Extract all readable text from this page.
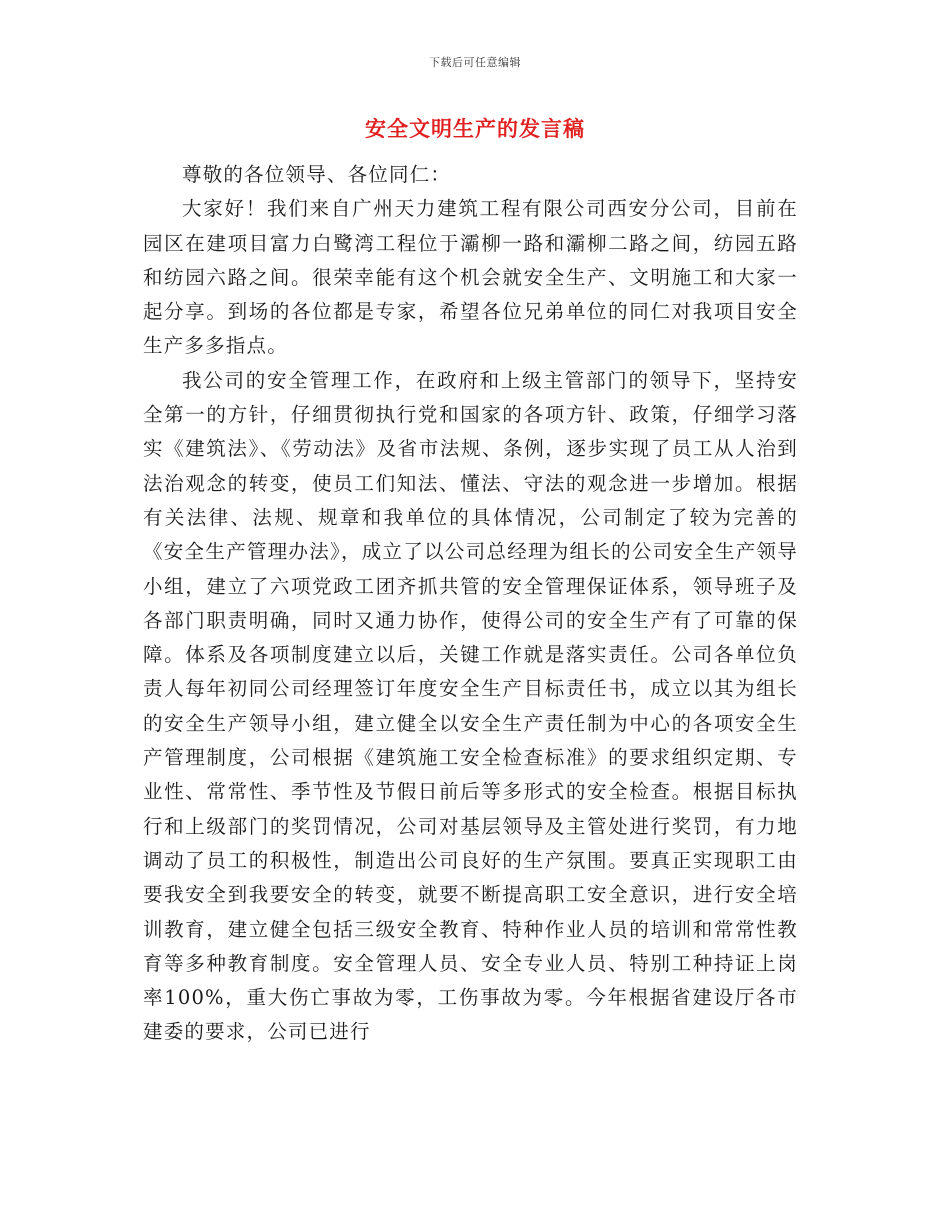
下载后可任意编辑
安全文明生产的发言稿

尊敬的各位领导、各位同仁：

大家好！我们来自广州天力建筑工程有限公司西安分公司，目前在园区在建项目富力白鹭湾工程位于灞柳一路和灞柳二路之间，纺园五路和纺园六路之间。很荣幸能有这个机会就安全生产、文明施工和大家一起分享。到场的各位都是专家，希望各位兄弟单位的同仁对我项目安全生产多多指点。

我公司的安全管理工作，在政府和上级主管部门的领导下，坚持安全第一的方针，仔细贯彻执行党和国家的各项方针、政策，仔细学习落实《建筑法》、《劳动法》及省市法规、条例，逐步实现了员工从人治到法治观念的转变，使员工们知法、懂法、守法的观念进一步增加。根据有关法律、法规、规章和我单位的具体情况，公司制定了较为完善的《安全生产管理办法》，成立了以公司总经理为组长的公司安全生产领导小组，建立了六项党政工团齐抓共管的安全管理保证体系，领导班子及各部门职责明确，同时又通力协作，使得公司的安全生产有了可靠的保障。体系及各项制度建立以后，关键工作就是落实责任。公司各单位负责人每年初同公司经理签订年度安全生产目标责任书，成立以其为组长的安全生产领导小组，建立健全以安全生产责任制为中心的各项安全生产管理制度，公司根据《建筑施工安全检查标准》的要求组织定期、专业性、常常性、季节性及节假日前后等多形式的安全检查。根据目标执行和上级部门的奖罚情况，公司对基层领导及主管处进行奖罚，有力地调动了员工的积极性，制造出公司良好的生产氛围。要真正实现职工由要我安全到我要安全的转变，就要不断提高职工安全意识，进行安全培训教育，建立健全包括三级安全教育、特种作业人员的培训和常常性教育等多种教育制度。安全管理人员、安全专业人员、特别工种持证上岗率100%，重大伤亡事故为零，工伤事故为零。今年根据省建设厅各市建委的要求，公司已进行
